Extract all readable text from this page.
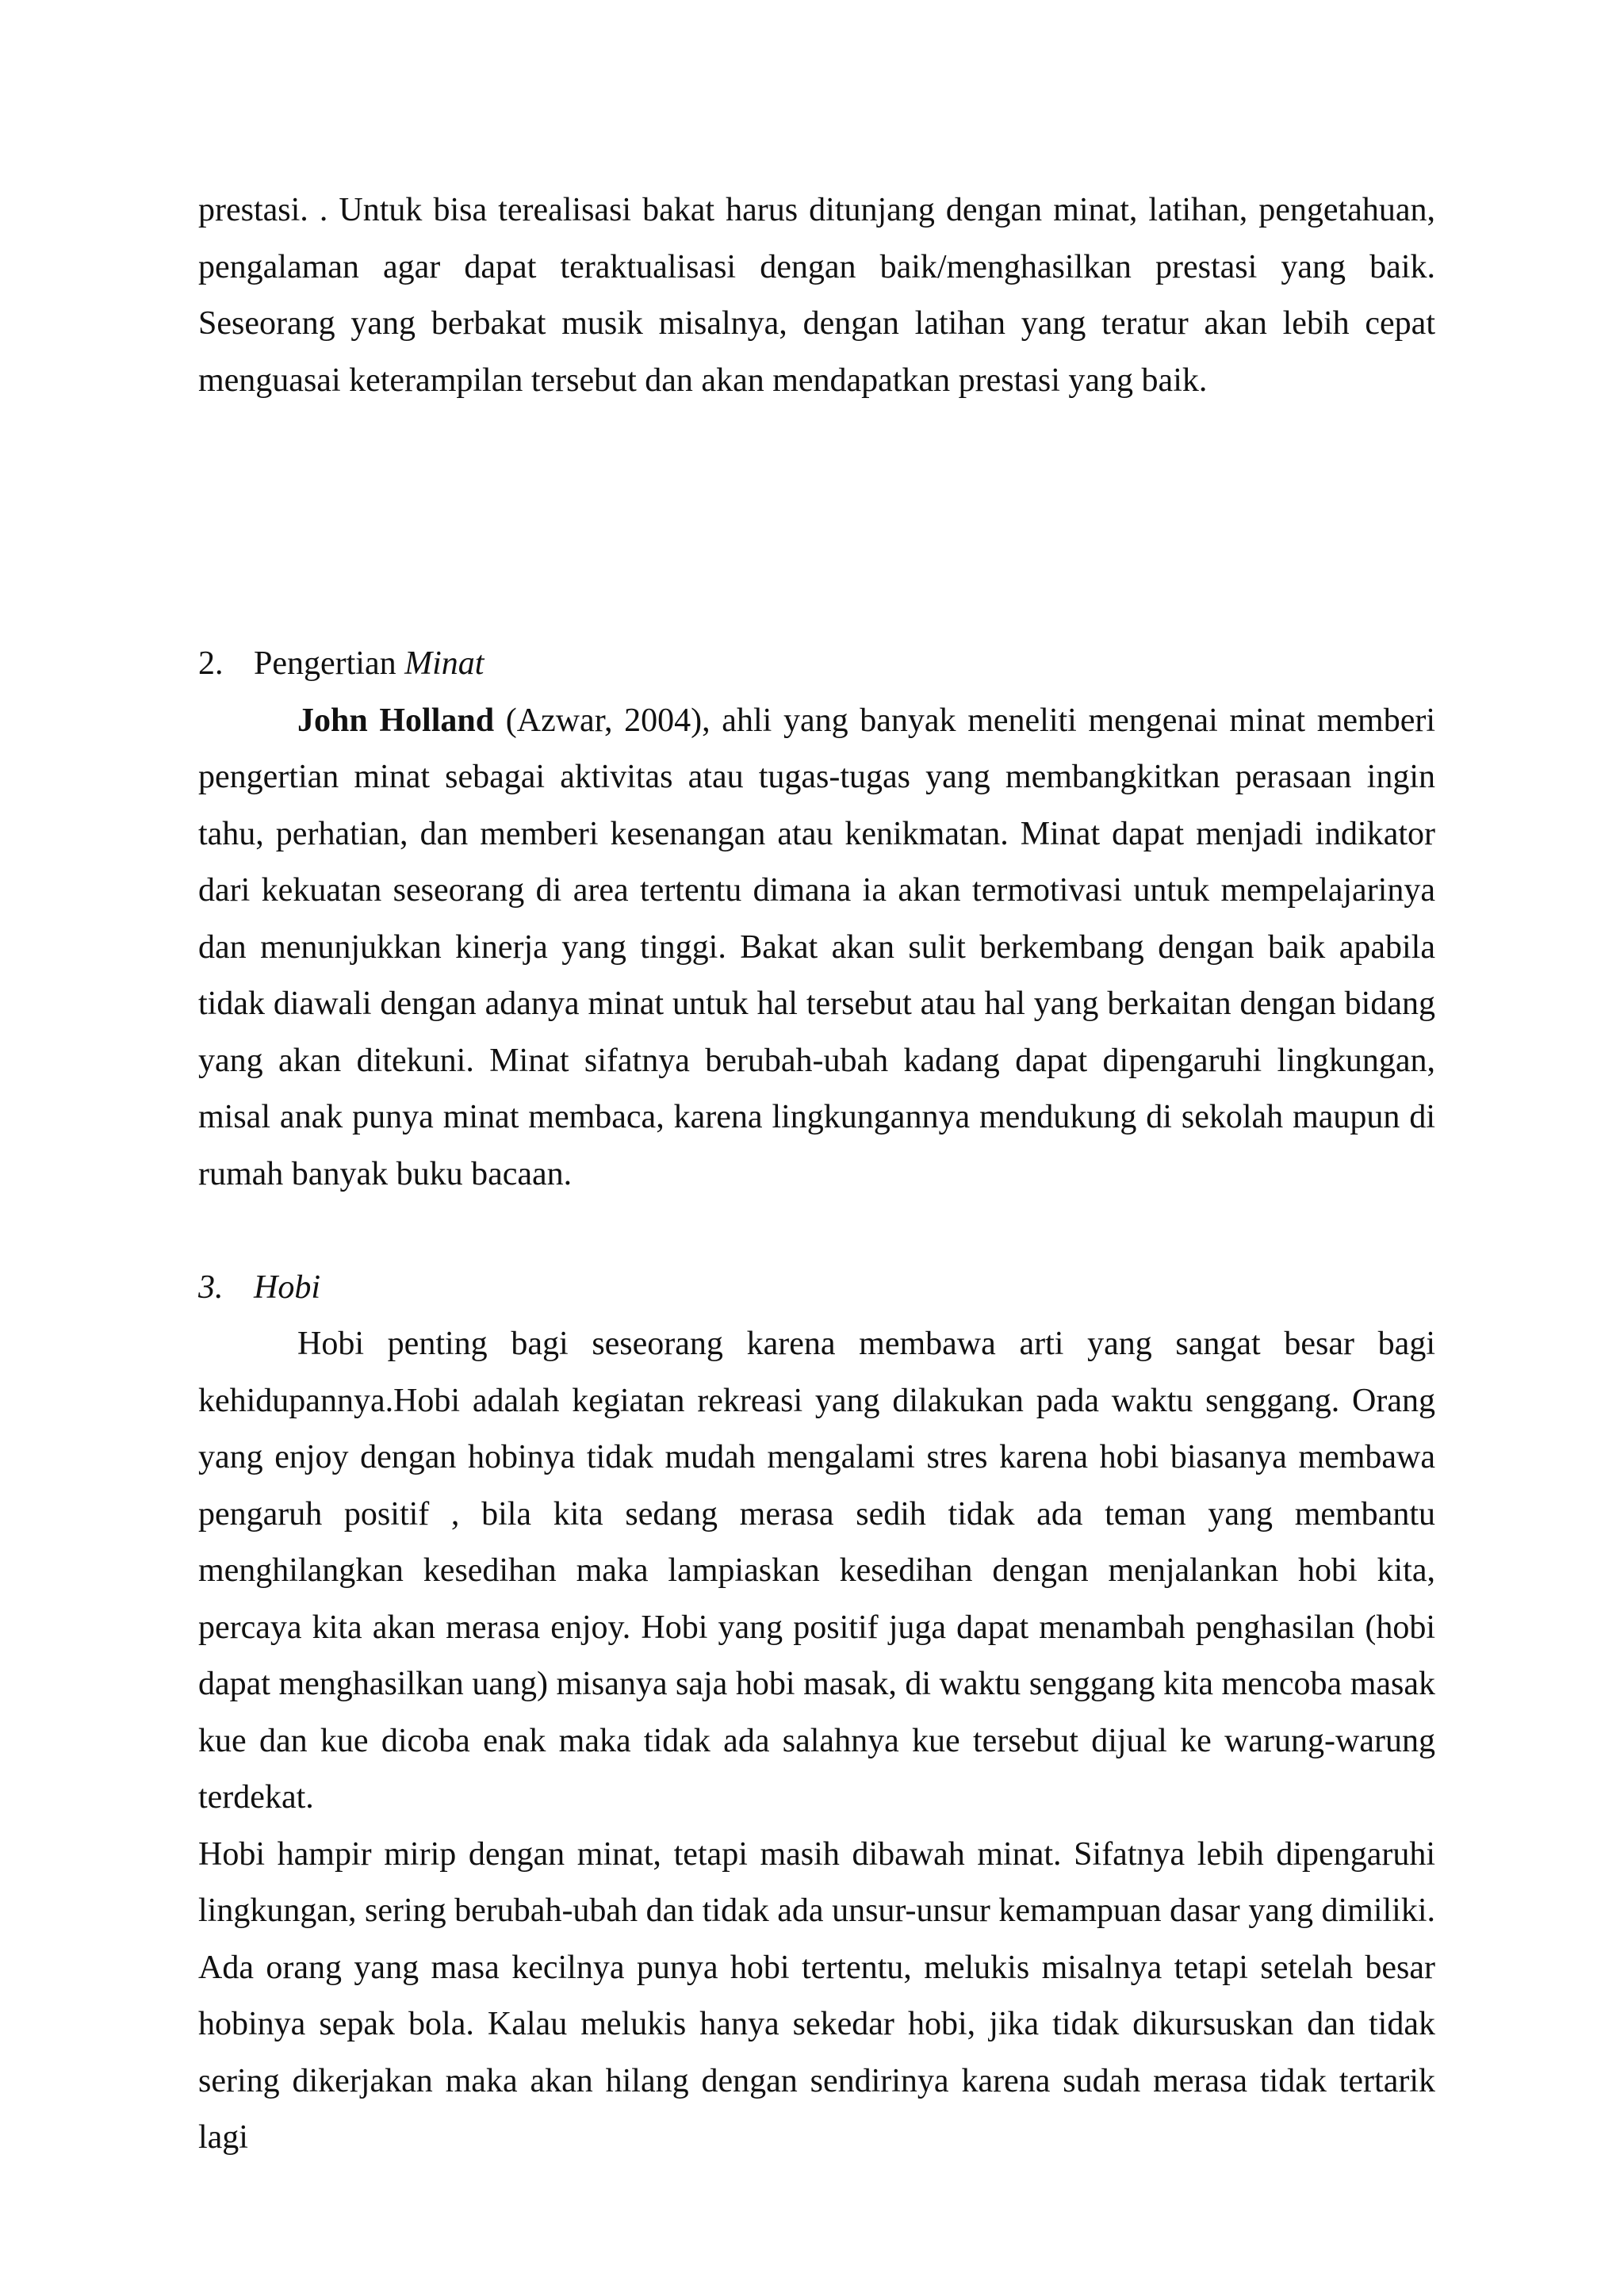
prestasi. . Untuk bisa terealisasi bakat harus ditunjang dengan minat, latihan, pengetahuan, pengalaman agar dapat teraktualisasi dengan baik/menghasilkan prestasi yang baik. Seseorang yang berbakat musik misalnya, dengan latihan yang teratur akan lebih cepat menguasai keterampilan tersebut dan akan mendapatkan prestasi yang baik.

2. Pengertian Minat

John Holland (Azwar, 2004), ahli yang banyak meneliti mengenai minat memberi pengertian minat sebagai aktivitas atau tugas-tugas yang membangkitkan perasaan ingin tahu, perhatian, dan memberi kesenangan atau kenikmatan. Minat dapat menjadi indikator dari kekuatan seseorang di area tertentu dimana ia akan termotivasi untuk mempelajarinya dan menunjukkan kinerja yang tinggi. Bakat akan sulit berkembang dengan baik apabila tidak diawali dengan adanya minat untuk hal tersebut atau hal yang berkaitan dengan bidang yang akan ditekuni. Minat sifatnya berubah-ubah kadang dapat dipengaruhi lingkungan, misal anak punya minat membaca, karena lingkungannya mendukung di sekolah maupun di rumah banyak buku bacaan.

3. Hobi

Hobi penting bagi seseorang karena membawa arti yang sangat besar bagi kehidupannya.Hobi adalah kegiatan rekreasi yang dilakukan pada waktu senggang. Orang yang enjoy dengan hobinya tidak mudah mengalami stres karena hobi biasanya membawa pengaruh positif , bila kita sedang merasa sedih tidak ada teman yang membantu menghilangkan kesedihan maka lampiaskan kesedihan dengan menjalankan hobi kita, percaya kita akan merasa enjoy. Hobi yang positif juga dapat menambah penghasilan (hobi dapat menghasilkan uang) misanya saja hobi masak, di waktu senggang kita mencoba masak kue dan kue dicoba enak maka tidak ada salahnya kue tersebut dijual ke warung-warung terdekat.

Hobi hampir mirip dengan minat, tetapi masih dibawah minat. Sifatnya lebih dipengaruhi lingkungan, sering berubah-ubah dan tidak ada unsur-unsur kemampuan dasar yang dimiliki. Ada orang yang masa kecilnya punya hobi tertentu, melukis misalnya tetapi setelah besar hobinya sepak bola. Kalau melukis hanya sekedar hobi, jika tidak dikursuskan dan tidak sering dikerjakan maka akan hilang dengan sendirinya karena sudah merasa tidak tertarik lagi
